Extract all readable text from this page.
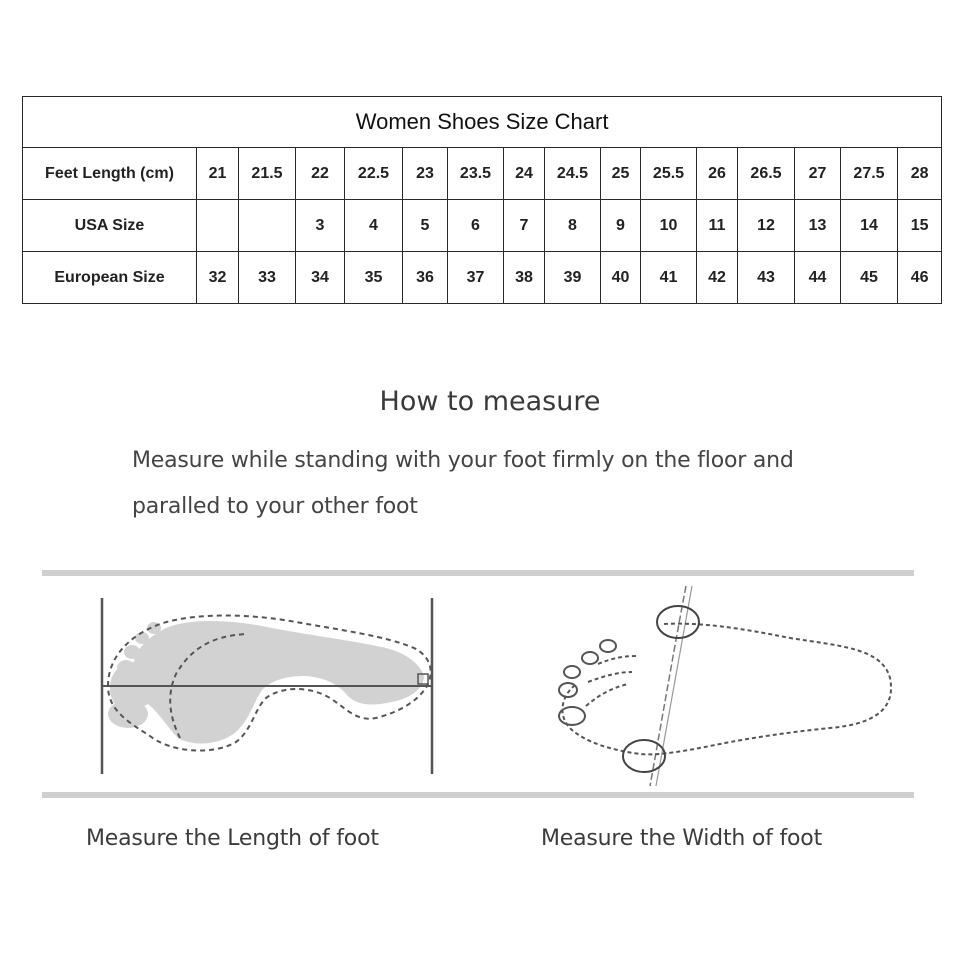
Women Shoes Size Chart															
Feet Length (cm)	21	21.5	22	22.5	23	23.5	24	24.5	25	25.5	26	26.5	27	27.5	28
USA Size			3	4	5	6	7	8	9	10	11	12	13	14	15
European Size	32	33	34	35	36	37	38	39	40	41	42	43	44	45	46
How to measure
Measure while standing with your foot firmly on the floor and
paralled to your other foot
Measure the Length of foot	Measure the Width of foot
